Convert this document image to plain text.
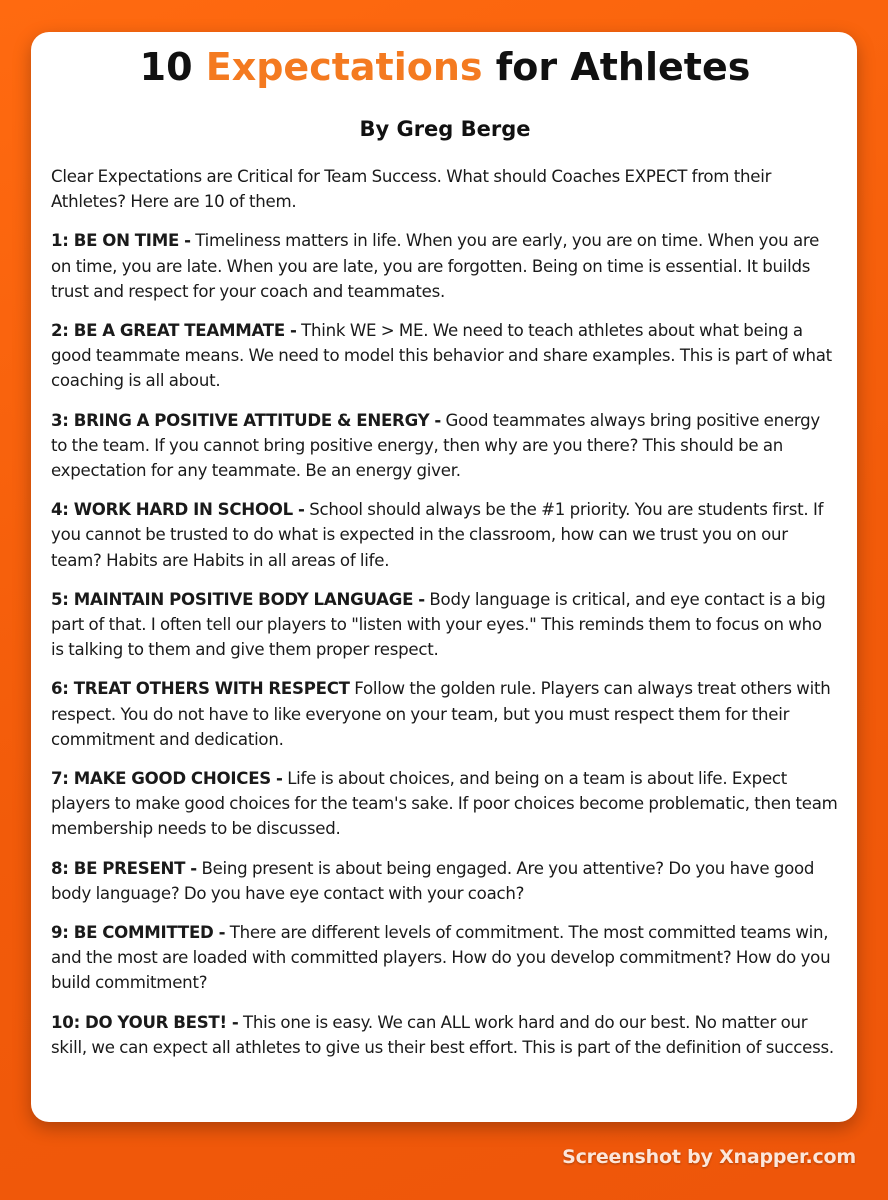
10 Expectations for Athletes
By Greg Berge

Clear Expectations are Critical for Team Success. What should Coaches EXPECT from their Athletes? Here are 10 of them.

1: BE ON TIME - Timeliness matters in life. When you are early, you are on time. When you are on time, you are late. When you are late, you are forgotten. Being on time is essential. It builds trust and respect for your coach and teammates.

2: BE A GREAT TEAMMATE - Think WE > ME. We need to teach athletes about what being a good teammate means. We need to model this behavior and share examples. This is part of what coaching is all about.

3: BRING A POSITIVE ATTITUDE & ENERGY - Good teammates always bring positive energy to the team. If you cannot bring positive energy, then why are you there? This should be an expectation for any teammate. Be an energy giver.

4: WORK HARD IN SCHOOL - School should always be the #1 priority. You are students first. If you cannot be trusted to do what is expected in the classroom, how can we trust you on our team? Habits are Habits in all areas of life.

5: MAINTAIN POSITIVE BODY LANGUAGE - Body language is critical, and eye contact is a big part of that. I often tell our players to "listen with your eyes." This reminds them to focus on who is talking to them and give them proper respect.

6: TREAT OTHERS WITH RESPECT Follow the golden rule. Players can always treat others with respect. You do not have to like everyone on your team, but you must respect them for their commitment and dedication.

7: MAKE GOOD CHOICES - Life is about choices, and being on a team is about life. Expect players to make good choices for the team's sake. If poor choices become problematic, then team membership needs to be discussed.

8: BE PRESENT - Being present is about being engaged. Are you attentive? Do you have good body language? Do you have eye contact with your coach?

9: BE COMMITTED - There are different levels of commitment. The most committed teams win, and the most are loaded with committed players. How do you develop commitment? How do you build commitment?

10: DO YOUR BEST! - This one is easy. We can ALL work hard and do our best. No matter our skill, we can expect all athletes to give us their best effort. This is part of the definition of success.

Screenshot by Xnapper.com
